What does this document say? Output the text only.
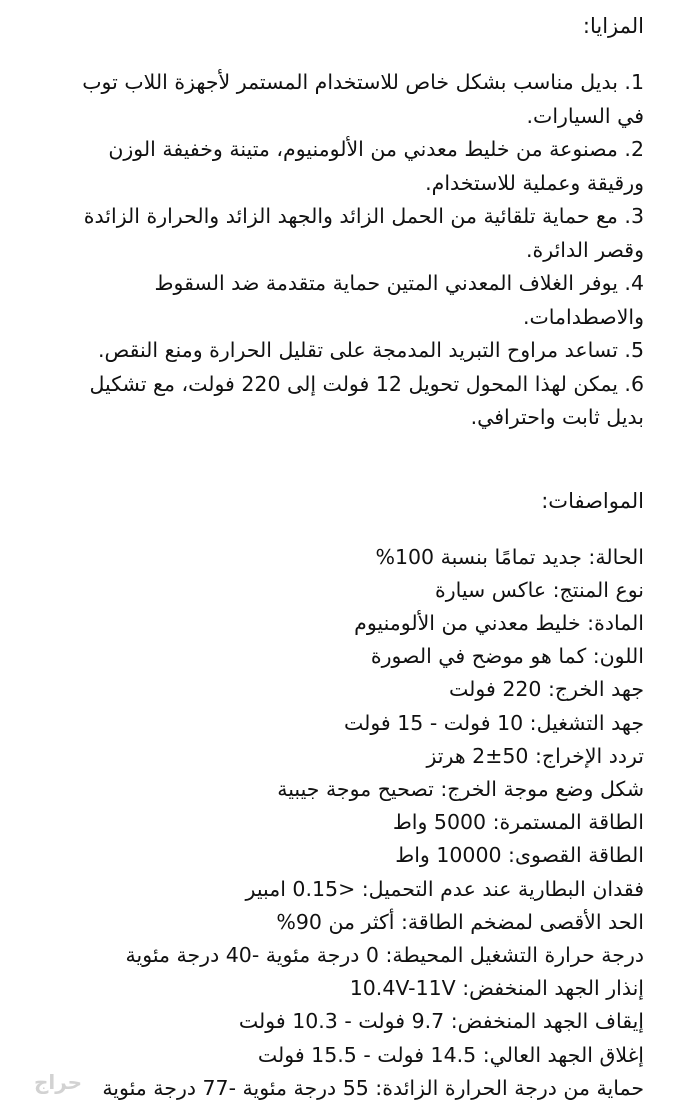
المزايا:
1. بديل مناسب بشكل خاص للاستخدام المستمر لأجهزة اللاب توب في السيارات.
2. مصنوعة من خليط معدني من الألومنيوم، متينة وخفيفة الوزن ورقيقة وعملية للاستخدام.
3. مع حماية تلقائية من الحمل الزائد والجهد الزائد والحرارة الزائدة وقصر الدائرة.
4. يوفر الغلاف المعدني المتين حماية متقدمة ضد السقوط والاصطدامات.
5. تساعد مراوح التبريد المدمجة على تقليل الحرارة ومنع النقص.
6. يمكن لهذا المحول تحويل 12 فولت إلى 220 فولت، مع تشكيل بديل ثابت واحترافي.
المواصفات:
الحالة: جديد تمامًا بنسبة 100%
نوع المنتج: عاكس سيارة
المادة: خليط معدني من الألومنيوم
اللون: كما هو موضح في الصورة
جهد الخرج: 220 فولت
جهد التشغيل: 10 فولت - 15 فولت
تردد الإخراج: 50±2 هرتز
شكل وضع موجة الخرج: تصحيح موجة جيبية
الطاقة المستمرة: 5000 واط
الطاقة القصوى: 10000 واط
فقدان البطارية عند عدم التحميل: <0.15 امبير
الحد الأقصى لمضخم الطاقة: أكثر من 90%
درجة حرارة التشغيل المحيطة: 0 درجة مئوية -40 درجة مئوية
إنذار الجهد المنخفض: 10.4V-11V
إيقاف الجهد المنخفض: 9.7 فولت - 10.3 فولت
إغلاق الجهد العالي: 14.5 فولت - 15.5 فولت
حماية من درجة الحرارة الزائدة: 55 درجة مئوية -77 درجة مئوية
حراج
